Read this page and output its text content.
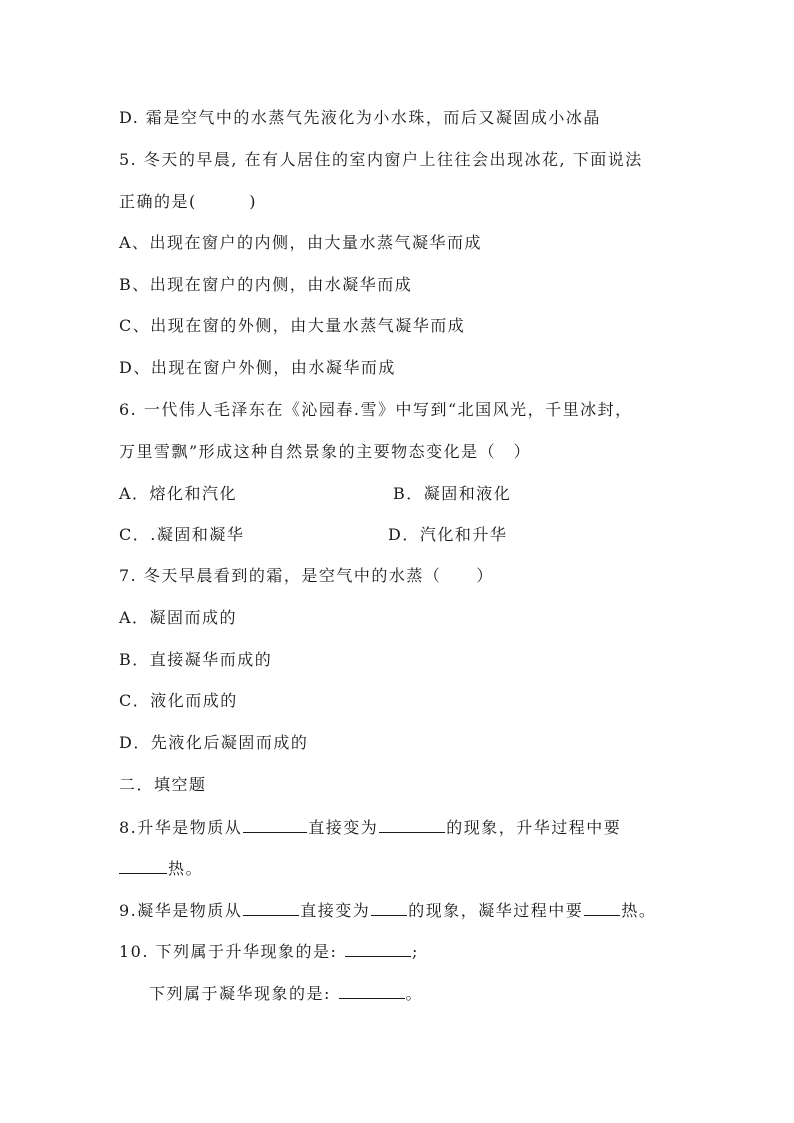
D. 霜是空气中的水蒸气先液化为小水珠，而后又凝固成小冰晶
5. 冬天的早晨, 在有人居住的室内窗户上往往会出现冰花, 下面说法
正确的是(　　　)
A、出现在窗户的内侧，由大量水蒸气凝华而成
B、出现在窗户的内侧，由水凝华而成
C、出现在窗的外侧，由大量水蒸气凝华而成
D、出现在窗户外侧，由水凝华而成
6. 一代伟人毛泽东在《沁园春.雪》中写到“北国风光，千里冰封，
万里雪飘”形成这种自然景象的主要物态变化是（　）
A．熔化和汽化	B．凝固和液化
C．.凝固和凝华	D．汽化和升华
7. 冬天早晨看到的霜，是空气中的水蒸（　　）
A．凝固而成的
B．直接凝华而成的
C．液化而成的
D．先液化后凝固而成的
二．填空题
8.升华是物质从	直接变为	的现象，升华过程中要
热。
9.凝华是物质从	直接变为 的现象，凝华过程中要 热。
10. 下列属于升华现象的是:	;
下列属于凝华现象的是:	。
